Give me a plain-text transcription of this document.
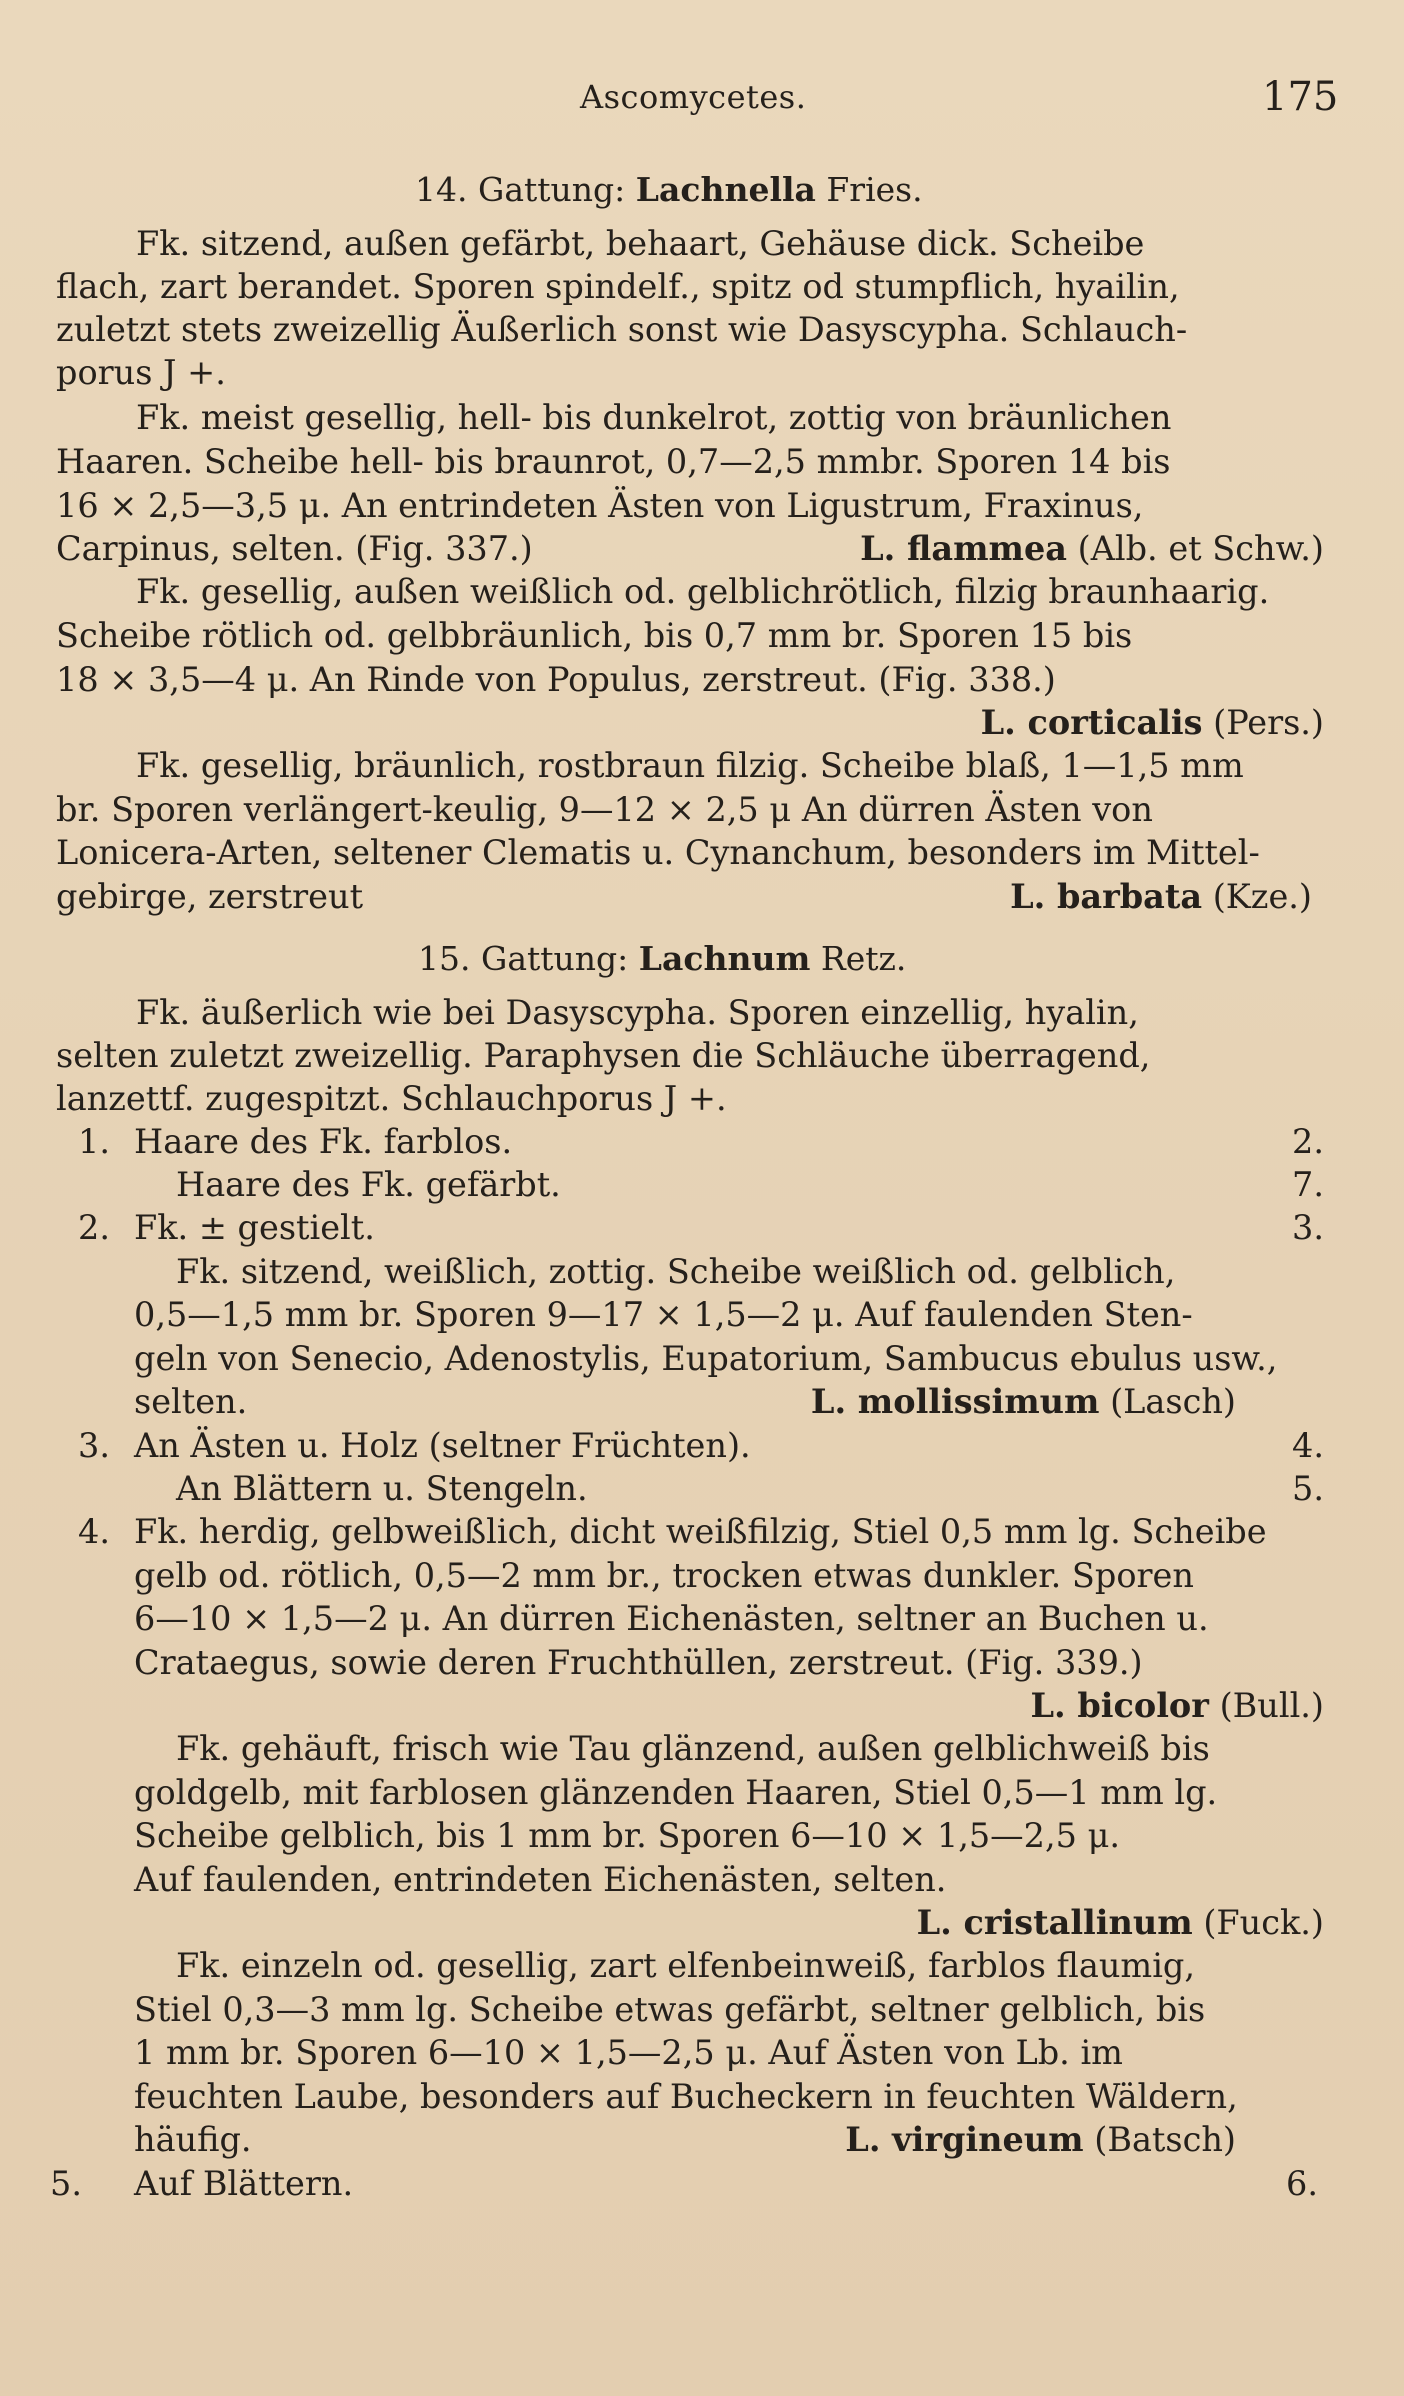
Ascomycetes.	175
14. Gattung: Lachnella Fries.
Fk. sitzend, außen gefärbt, behaart, Gehäuse dick. Scheibe
flach, zart berandet. Sporen spindelf., spitz od stumpflich, hyailin,
zuletzt stets zweizellig Äußerlich sonst wie Dasyscypha. Schlauch-
porus J +.
Fk. meist gesellig, hell- bis dunkelrot, zottig von bräunlichen
Haaren. Scheibe hell- bis braunrot, 0,7—2,5 mmbr. Sporen 14 bis
16 × 2,5—3,5 μ. An entrindeten Ästen von Ligustrum, Fraxinus,
Carpinus, selten. (Fig. 337.)	L. flammea (Alb. et Schw.)
Fk. gesellig, außen weißlich od. gelblichrötlich, filzig braunhaarig.
Scheibe rötlich od. gelbbräunlich, bis 0,7 mm br. Sporen 15 bis
18 × 3,5—4 μ. An Rinde von Populus, zerstreut. (Fig. 338.)
L. corticalis (Pers.)
Fk. gesellig, bräunlich, rostbraun filzig. Scheibe blaß, 1—1,5 mm
br. Sporen verlängert-keulig, 9—12 × 2,5 μ An dürren Ästen von
Lonicera-Arten, seltener Clematis u. Cynanchum, besonders im Mittel-
gebirge, zerstreut	L. barbata (Kze.)
15. Gattung: Lachnum Retz.
Fk. äußerlich wie bei Dasyscypha. Sporen einzellig, hyalin,
selten zuletzt zweizellig. Paraphysen die Schläuche überragend,
lanzettf. zugespitzt. Schlauchporus J +.
1. Haare des Fk. farblos.	2.
Haare des Fk. gefärbt.	7.
2. Fk. ± gestielt.	3.
Fk. sitzend, weißlich, zottig. Scheibe weißlich od. gelblich,
0,5—1,5 mm br. Sporen 9—17 × 1,5—2 μ. Auf faulenden Sten-
geln von Senecio, Adenostylis, Eupatorium, Sambucus ebulus usw.,
selten.	L. mollissimum (Lasch)
3. An Ästen u. Holz (seltner Früchten).	4.
An Blättern u. Stengeln.	5.
4. Fk. herdig, gelbweißlich, dicht weißfilzig, Stiel 0,5 mm lg. Scheibe
gelb od. rötlich, 0,5—2 mm br., trocken etwas dunkler. Sporen
6—10 × 1,5—2 μ. An dürren Eichenästen, seltner an Buchen u.
Crataegus, sowie deren Fruchthüllen, zerstreut. (Fig. 339.)
L. bicolor (Bull.)
Fk. gehäuft, frisch wie Tau glänzend, außen gelblichweiß bis
goldgelb, mit farblosen glänzenden Haaren, Stiel 0,5—1 mm lg.
Scheibe gelblich, bis 1 mm br. Sporen 6—10 × 1,5—2,5 μ.
Auf faulenden, entrindeten Eichenästen, selten.
L. cristallinum (Fuck.)
Fk. einzeln od. gesellig, zart elfenbeinweiß, farblos flaumig,
Stiel 0,3—3 mm lg. Scheibe etwas gefärbt, seltner gelblich, bis
1 mm br. Sporen 6—10 × 1,5—2,5 μ. Auf Ästen von Lb. im
feuchten Laube, besonders auf Bucheckern in feuchten Wäldern,
häufig.	L. virgineum (Batsch)
5. Auf Blättern.	6.
